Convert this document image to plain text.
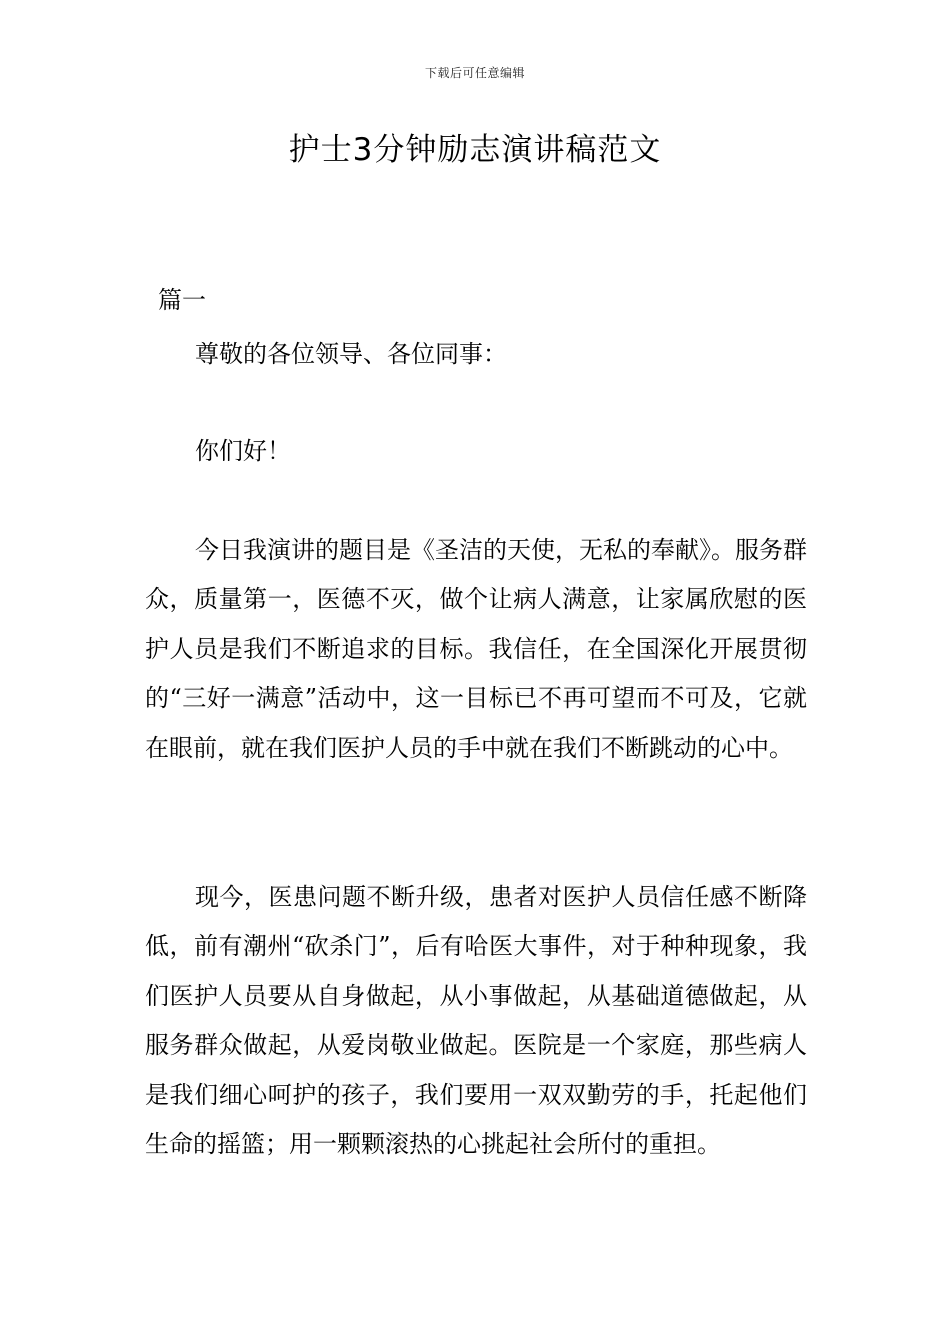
下载后可任意编辑
护士3分钟励志演讲稿范文
篇一

尊敬的各位领导、各位同事：

你们好！

今日我演讲的题目是《圣洁的天使，无私的奉献》。服务群众，质量第一，医德不灭，做个让病人满意，让家属欣慰的医护人员是我们不断追求的目标。我信任，在全国深化开展贯彻的“三好一满意”活动中，这一目标已不再可望而不可及，它就在眼前，就在我们医护人员的手中就在我们不断跳动的心中。

现今，医患问题不断升级，患者对医护人员信任感不断降低，前有潮州“砍杀门”，后有哈医大事件，对于种种现象，我们医护人员要从自身做起，从小事做起，从基础道德做起，从服务群众做起，从爱岗敬业做起。医院是一个家庭，那些病人是我们细心呵护的孩子，我们要用一双双勤劳的手，托起他们生命的摇篮；用一颗颗滚热的心挑起社会所付的重担。
